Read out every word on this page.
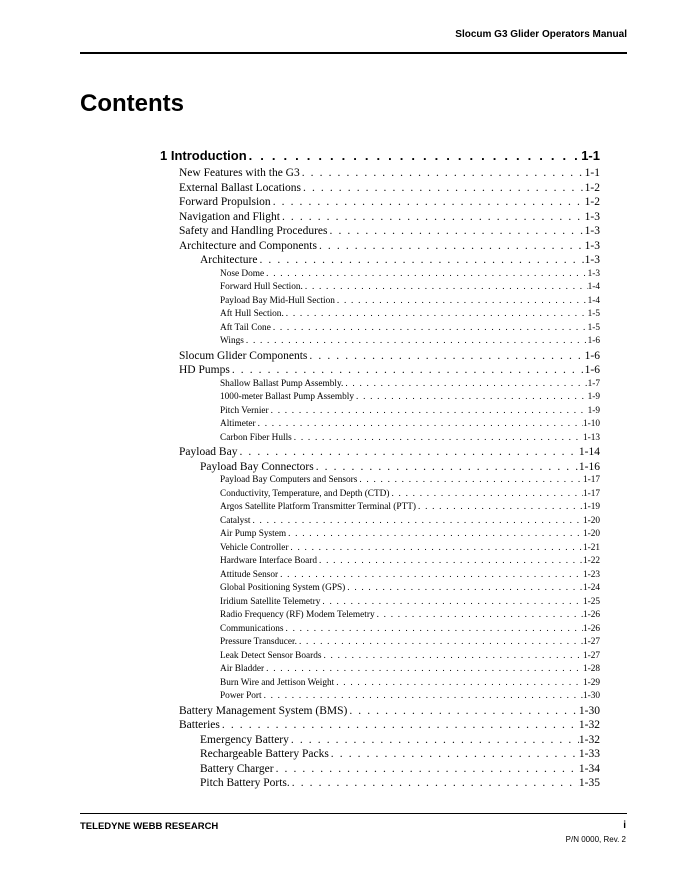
Slocum G3 Glider Operators Manual
Contents
1 Introduction . . .	1-1
New Features with the G3 . . .	1-1
External Ballast Locations . . .	1-2
Forward Propulsion . . .	1-2
Navigation and Flight . . .	1-3
Safety and Handling Procedures . . .	1-3
Architecture and Components . . .	1-3
Architecture . . .	1-3
Nose Dome . . .	1-3
Forward Hull Section. . . .	1-4
Payload Bay Mid-Hull Section . . .	1-4
Aft Hull Section. . . .	1-5
Aft Tail Cone . . .	1-5
Wings . . .	1-6
Slocum Glider Components . . .	1-6
HD Pumps . . .	1-6
Shallow Ballast Pump Assembly. . . .	1-7
1000-meter Ballast Pump Assembly . . .	1-9
Pitch Vernier . . .	1-9
Altimeter . . .	1-10
Carbon Fiber Hulls . . .	1-13
Payload Bay . . .	1-14
Payload Bay Connectors . . .	1-16
Payload Bay Computers and Sensors . . .	1-17
Conductivity, Temperature, and Depth (CTD) . . .	1-17
Argos Satellite Platform Transmitter Terminal (PTT) . . .	1-19
Catalyst . . .	1-20
Air Pump System . . .	1-20
Vehicle Controller . . .	1-21
Hardware Interface Board . . .	1-22
Attitude Sensor . . .	1-23
Global Positioning System (GPS) . . .	1-24
Iridium Satellite Telemetry . . .	1-25
Radio Frequency (RF) Modem Telemetry . . .	1-26
Communications . . .	1-26
Pressure Transducer. . . .	1-27
Leak Detect Sensor Boards . . .	1-27
Air Bladder . . .	1-28
Burn Wire and Jettison Weight . . .	1-29
Power Port . . .	1-30
Battery Management System (BMS) . . .	1-30
Batteries . . .	1-32
Emergency Battery . . .	1-32
Rechargeable Battery Packs . . .	1-33
Battery Charger . . .	1-34
Pitch Battery Ports. . . .	1-35
TELEDYNE WEBB RESEARCH	i
P/N 0000, Rev. 2
